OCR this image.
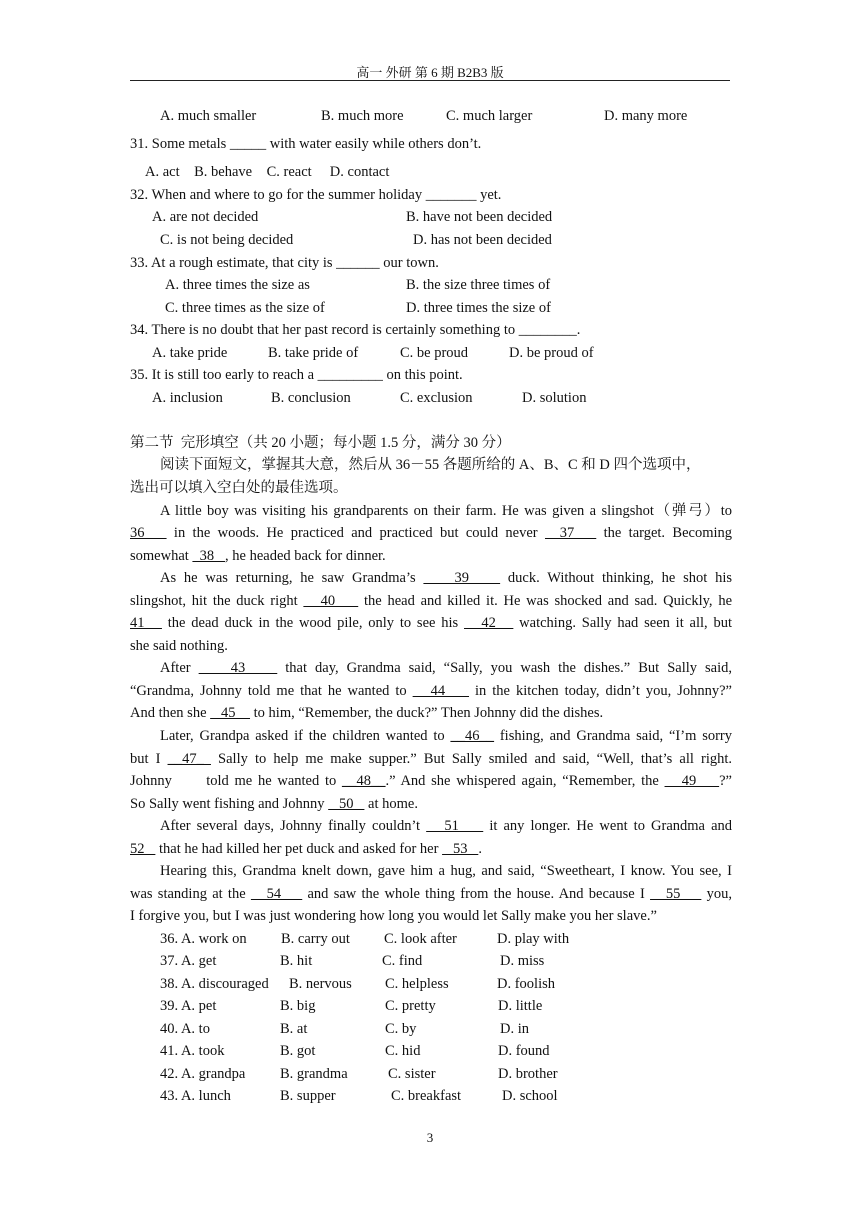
高一 外研 第 6 期 B2B3 版
A. much smaller	B. much more	C. much larger	D. many more
31. Some metals _____ with water easily while others don’t.
A. act    B. behave    C. react     D. contact
32. When and where to go for the summer holiday _______ yet.
A. are not decided	B. have not been decided
C. is not being decided	D. has not been decided
33. At a rough estimate, that city is ______ our town.
A. three times the size as	B. the size three times of
C. three times as the size of	D. three times the size of
34. There is no doubt that her past record is certainly something to ________.
A. take pride	B. take pride of	C. be proud	D. be proud of
35. It is still too early to reach a _________ on this point.
A. inclusion	B. conclusion	C. exclusion	D. solution
第二节  完形填空（共 20 小题；每小题 1.5 分，满分 30 分）
阅读下面短文，掌握其大意，然后从 36－55 各题所给的 A、B、C 和 D 四个选项中，
选出可以填入空白处的最佳选项。
A little boy was visiting his grandparents on their farm. He was given a slingshot（弹弓）to
36    in the woods. He practiced and practiced but could never   37    the target. Becoming
somewhat   38   , he headed back for dinner.
As he was returning, he saw Grandma’s     39     duck. Without thinking, he shot his
slingshot, hit the duck right    40     the head and killed it. He was shocked and sad. Quickly, he
41    the dead duck in the wood pile, only to see his    42    watching. Sally had seen it all, but
she said nothing.
After     43     that day, Grandma said, “Sally, you wash the dishes.” But Sally said,
“Grandma, Johnny told me that he wanted to    44     in the kitchen today, didn’t you, Johnny?”
And then she    45     to him, “Remember, the duck?” Then Johnny did the dishes.
Later, Grandpa asked if the children wanted to __46__ fishing, and Grandma said, “I’m sorry
but I __47_  Sally to help me make supper.” But Sally smiled and said, “Well, that’s all right.
Johnny      told me he wanted to __48__.” And she whispered again, “Remember, the    49    ?”
So Sally went fishing and Johnny    50    at home.
After several days, Johnny finally couldn’t    51     it any longer. He went to Grandma and
52    that he had killed her pet duck and asked for her    53   .
Hearing this, Grandma knelt down, gave him a hug, and said, “Sweetheart, I know. You see, I
was standing at the    54     and saw the whole thing from the house. And because I    55     you,
I forgive you, but I was just wondering how long you would let Sally make you her slave.”
36. A. work on B. carry out C. look after	D. play with
37. A. get	B. hit	C. find	D. miss
38. A. discouraged B. nervous C. helpless	D. foolish
39. A. pet	B. big	C. pretty	D. little
40. A. to	B. at	C. by	D. in
41. A. took	B. got	C. hid	D. found
42. A. grandpa B. grandma	C. sister	D. brother
43. A. lunch	B. supper	C. breakfast	D. school
3
